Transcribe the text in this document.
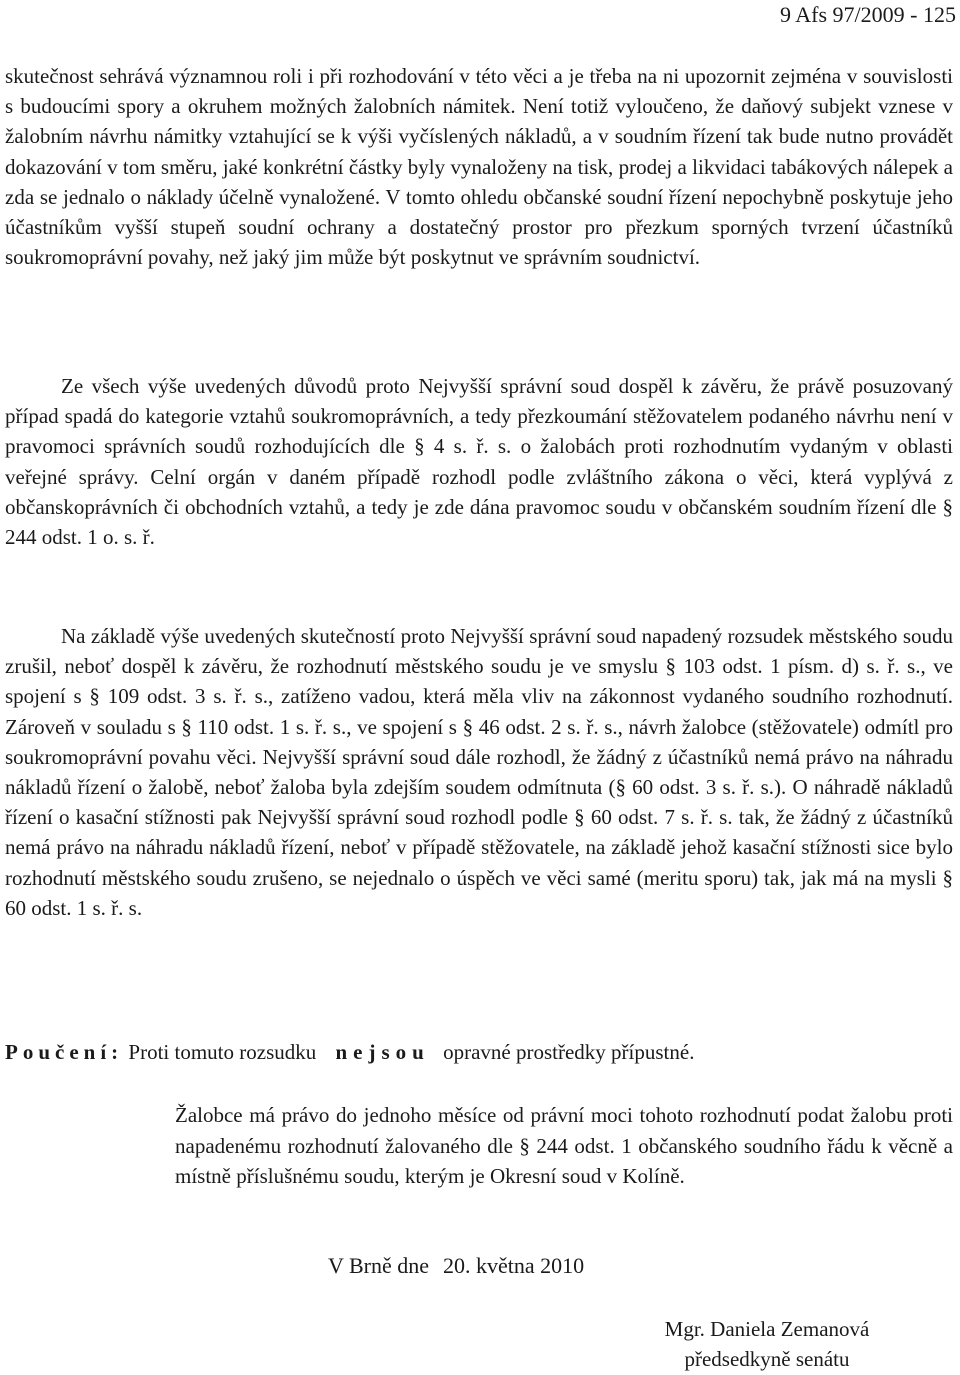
9 Afs 97/2009 - 125

skutečnost sehrává významnou roli i při rozhodování v této věci a je třeba na ni upozornit zejména v souvislosti s budoucími spory a okruhem možných žalobních námitek. Není totiž vyloučeno, že daňový subjekt vznese v žalobním návrhu námitky vztahující se k výši vyčíslených nákladů, a v soudním řízení tak bude nutno provádět dokazování v tom směru, jaké konkrétní částky byly vynaloženy na tisk, prodej a likvidaci tabákových nálepek a zda se jednalo o náklady účelně vynaložené. V tomto ohledu občanské soudní řízení nepochybně poskytuje jeho účastníkům vyšší stupeň soudní ochrany a dostatečný prostor pro přezkum sporných tvrzení účastníků soukromoprávní povahy, než jaký jim může být poskytnut ve správním soudnictví.

Ze všech výše uvedených důvodů proto Nejvyšší správní soud dospěl k závěru, že právě posuzovaný případ spadá do kategorie vztahů soukromoprávních, a tedy přezkoumání stěžovatelem podaného návrhu není v pravomoci správních soudů rozhodujících dle § 4 s. ř. s. o žalobách proti rozhodnutím vydaným v oblasti veřejné správy. Celní orgán v daném případě rozhodl podle zvláštního zákona o věci, která vyplývá z občanskoprávních či obchodních vztahů, a tedy je zde dána pravomoc soudu v občanském soudním řízení dle § 244 odst. 1 o. s. ř.

Na základě výše uvedených skutečností proto Nejvyšší správní soud napadený rozsudek městského soudu zrušil, neboť dospěl k závěru, že rozhodnutí městského soudu je ve smyslu § 103 odst. 1 písm. d) s. ř. s., ve spojení s § 109 odst. 3 s. ř. s., zatíženo vadou, která měla vliv na zákonnost vydaného soudního rozhodnutí. Zároveň v souladu s § 110 odst. 1 s. ř. s., ve spojení s § 46 odst. 2 s. ř. s., návrh žalobce (stěžovatele) odmítl pro soukromoprávní povahu věci. Nejvyšší správní soud dále rozhodl, že žádný z účastníků nemá právo na náhradu nákladů řízení o žalobě, neboť žaloba byla zdejším soudem odmítnuta (§ 60 odst. 3 s. ř. s.). O náhradě nákladů řízení o kasační stížnosti pak Nejvyšší správní soud rozhodl podle § 60 odst. 7 s. ř. s. tak, že žádný z účastníků nemá právo na náhradu nákladů řízení, neboť v případě stěžovatele, na základě jehož kasační stížnosti sice bylo rozhodnutí městského soudu zrušeno, se nejednalo o úspěch ve věci samé (meritu sporu) tak, jak má na mysli § 60 odst. 1 s. ř. s.

Poučení: Proti tomuto rozsudku nejsou opravné prostředky přípustné.

Žalobce má právo do jednoho měsíce od právní moci tohoto rozhodnutí podat žalobu proti napadenému rozhodnutí žalovaného dle § 244 odst. 1 občanského soudního řádu k věcně a místně příslušnému soudu, kterým je Okresní soud v Kolíně.

V Brně dne 20. května 2010
Mgr. Daniela Zemanová
předsedkyně senátu
